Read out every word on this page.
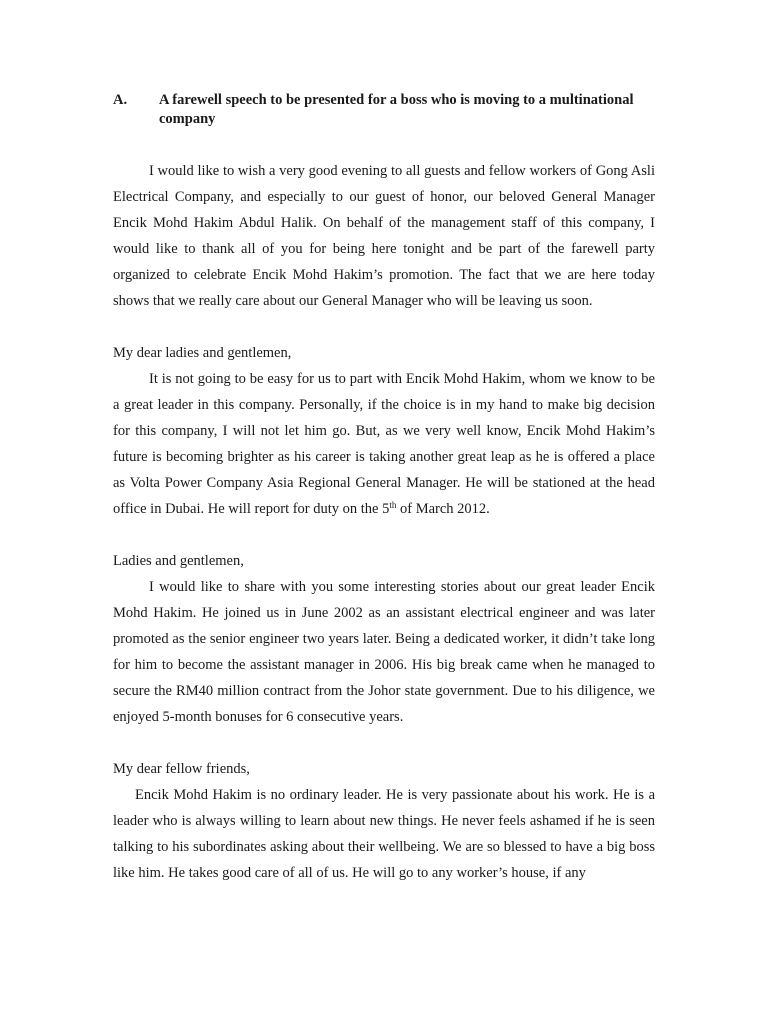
A. A farewell speech to be presented for a boss who is moving to a multinational company

I would like to wish a very good evening to all guests and fellow workers of Gong Asli Electrical Company, and especially to our guest of honor, our beloved General Manager Encik Mohd Hakim Abdul Halik. On behalf of the management staff of this company, I would like to thank all of you for being here tonight and be part of the farewell party organized to celebrate Encik Mohd Hakim’s promotion. The fact that we are here today shows that we really care about our General Manager who will be leaving us soon.

My dear ladies and gentlemen,

It is not going to be easy for us to part with Encik Mohd Hakim, whom we know to be a great leader in this company. Personally, if the choice is in my hand to make big decision for this company, I will not let him go. But, as we very well know, Encik Mohd Hakim’s future is becoming brighter as his career is taking another great leap as he is offered a place as Volta Power Company Asia Regional General Manager. He will be stationed at the head office in Dubai. He will report for duty on the 5th of March 2012.

Ladies and gentlemen,

I would like to share with you some interesting stories about our great leader Encik Mohd Hakim. He joined us in June 2002 as an assistant electrical engineer and was later promoted as the senior engineer two years later. Being a dedicated worker, it didn’t take long for him to become the assistant manager in 2006. His big break came when he managed to secure the RM40 million contract from the Johor state government. Due to his diligence, we enjoyed 5-month bonuses for 6 consecutive years.

My dear fellow friends,

Encik Mohd Hakim is no ordinary leader. He is very passionate about his work. He is a leader who is always willing to learn about new things. He never feels ashamed if he is seen talking to his subordinates asking about their wellbeing. We are so blessed to have a big boss like him. He takes good care of all of us. He will go to any worker’s house, if any
